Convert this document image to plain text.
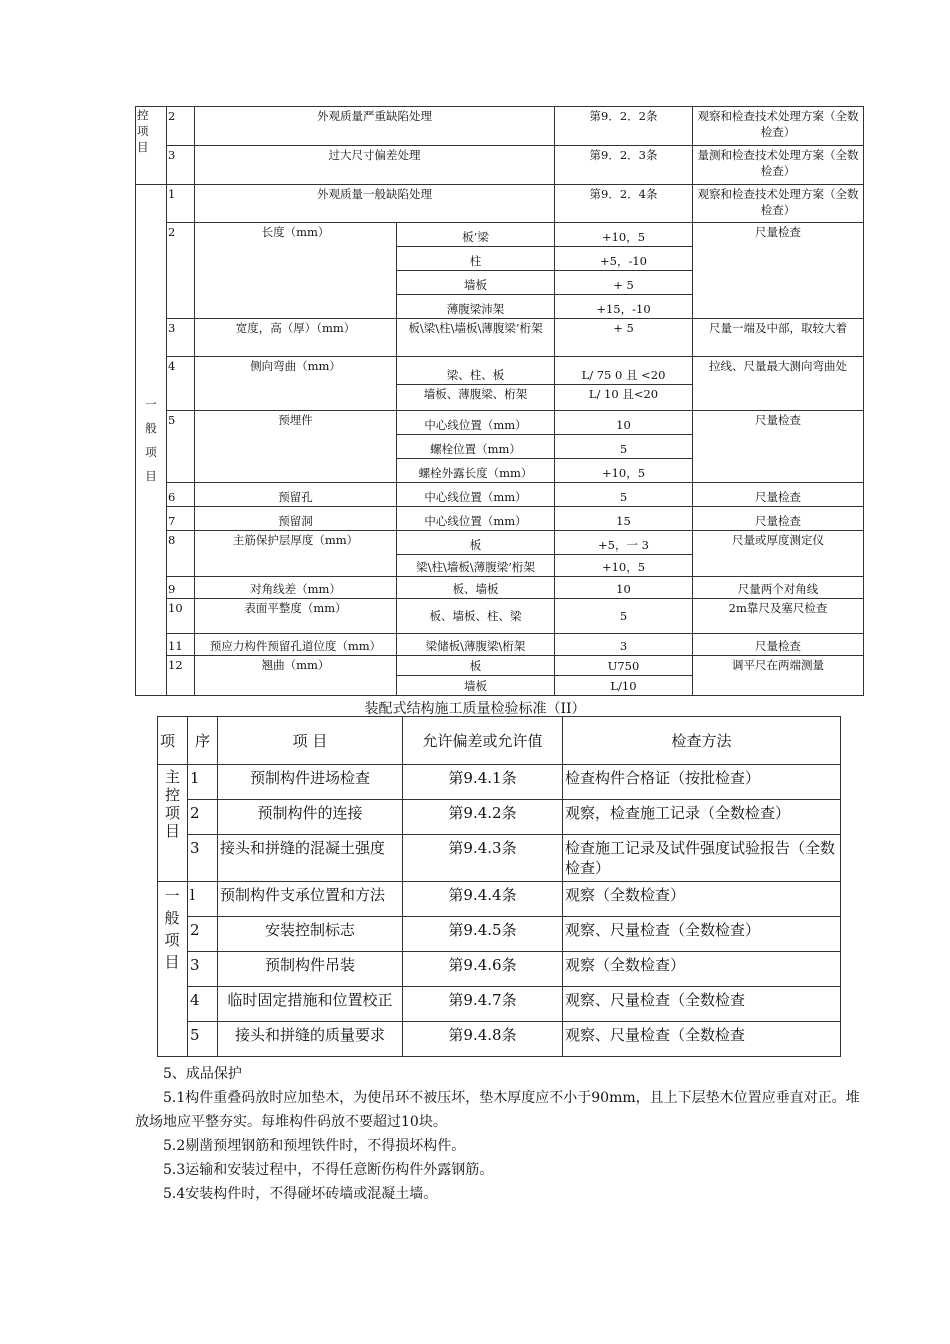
控项目	2	外观质量严重缺陷处理		第9．2．2条	观察和检查技术处理方案（全数检查）
	3	过大尺寸偏差处理		第9．2．3条	量测和检查技术处理方案（全数检查）

一般项目	1	外观质量一般缺陷处理		第9．2．4条	观察和检查技术处理方案（全数检查）
	2	长度（mm）	板’梁	+10，5	尺量检查
			柱	+5，-10	
			墙板	+ 5	
			薄腹梁沛架	+15，-10	
	3	宽度，高（厚）（mm）	板\梁\柱\墙板\薄腹梁’桁架	+ 5	尺量一端及中部，取较大着
	4	侧向弯曲（mm）	梁、柱、板	L/ 75 0 且 <20	拉线、尺量最大测向弯曲处
			墙板、薄腹梁、桁架	L/ 10 且<20	
	5	预埋件	中心线位置（mm）	10	尺量检查
			螺栓位置（mm）	5	
			螺栓外露长度（mm）	+10，5	
	6	预留孔	中心线位置（mm）	5	尺量检查
	7	预留洞	中心线位置（mm）	15	尺量检查
	8	主筋保护层厚度（mm）	板	+5，一 3	尺量或厚度测定仪
			梁\柱\墙板\薄腹梁’桁架	+10，5	
	9	对角线差（mm）	板、墙板	10	尺量两个对角线
	10	表面平整度（mm）	板、墙板、柱、梁	5	2m靠尺及塞尺检查
	11	预应力构件预留孔道位度（mm）	梁储板\薄腹梁\桁架	3	尺量检查
	12	翘曲（mm）	板	U750	调平尺在两端测量
			墙板	L/10	
装配式结构施工质量检验标准（II）
项	序	项 目	允许偏差或允许值	检查方法

主控项目	1	预制构件进场检查	第9.4.1条	检查构件合格证（按批检查）
	2	预制构件的连接	第9.4.2条	观察，检查施工记录（全数检查）
	3	接头和拼缝的混凝土强度	第9.4.3条	检查施工记录及试件强度试验报告（全数检查）

一般项目	l	预制构件支承位置和方法	第9.4.4条	观察（全数检查）
	2	安装控制标志	第9.4.5条	观察、尺量检查（全数检查）
	3	预制构件吊装	第9.4.6条	观察（全数检查）
	4	临时固定措施和位置校正	第9.4.7条	观察、尺量检查（全数检查
	5	接头和拼缝的质量要求	第9.4.8条	观察、尺量检查（全数检查
5、成品保护
5.1构件重叠码放时应加垫木，为使吊环不被压坏，垫木厚度应不小于90mm，且上下层垫木位置应垂直对正。堆放场地应平整夯实。每堆构件码放不要超过10块。
5.2剔凿预埋钢筋和预埋铁件时，不得损坏构件。
5.3运输和安装过程中，不得任意断伤构件外露钢筋。
5.4安装构件时，不得碰坏砖墙或混凝土墙。
